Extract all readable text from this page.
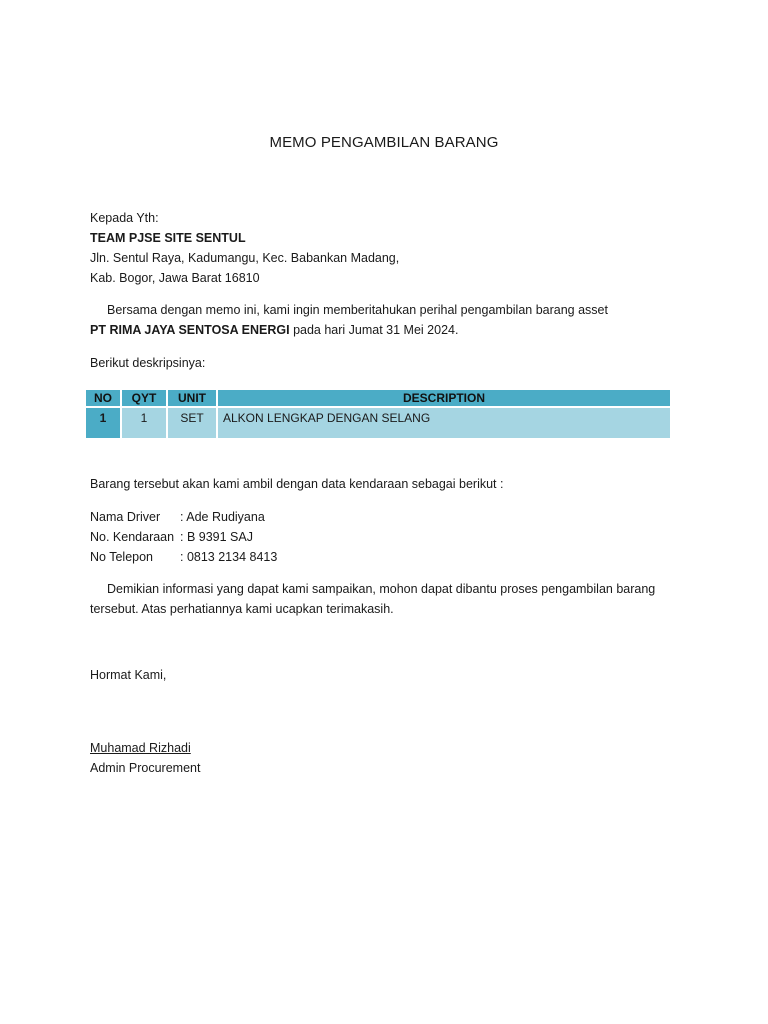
MEMO PENGAMBILAN BARANG
Kepada Yth:
TEAM PJSE SITE SENTUL
Jln. Sentul Raya, Kadumangu, Kec. Babankan Madang,
Kab. Bogor, Jawa Barat 16810
Bersama dengan memo ini, kami ingin memberitahukan perihal pengambilan barang asset
PT RIMA JAYA SENTOSA ENERGI pada hari Jumat 31 Mei 2024.
Berikut deskripsinya:
NO	QYT	UNIT	DESCRIPTION
1	1	SET	ALKON LENGKAP DENGAN SELANG
Barang tersebut akan kami ambil dengan data kendaraan sebagai berikut :
Nama Driver	: Ade Rudiyana
No. Kendaraan : B 9391 SAJ
No Telepon	: 0813 2134 8413
Demikian informasi yang dapat kami sampaikan, mohon dapat dibantu proses pengambilan barang
tersebut. Atas perhatiannya kami ucapkan terimakasih.
Hormat Kami,
Muhamad Rizhadi
Admin Procurement
